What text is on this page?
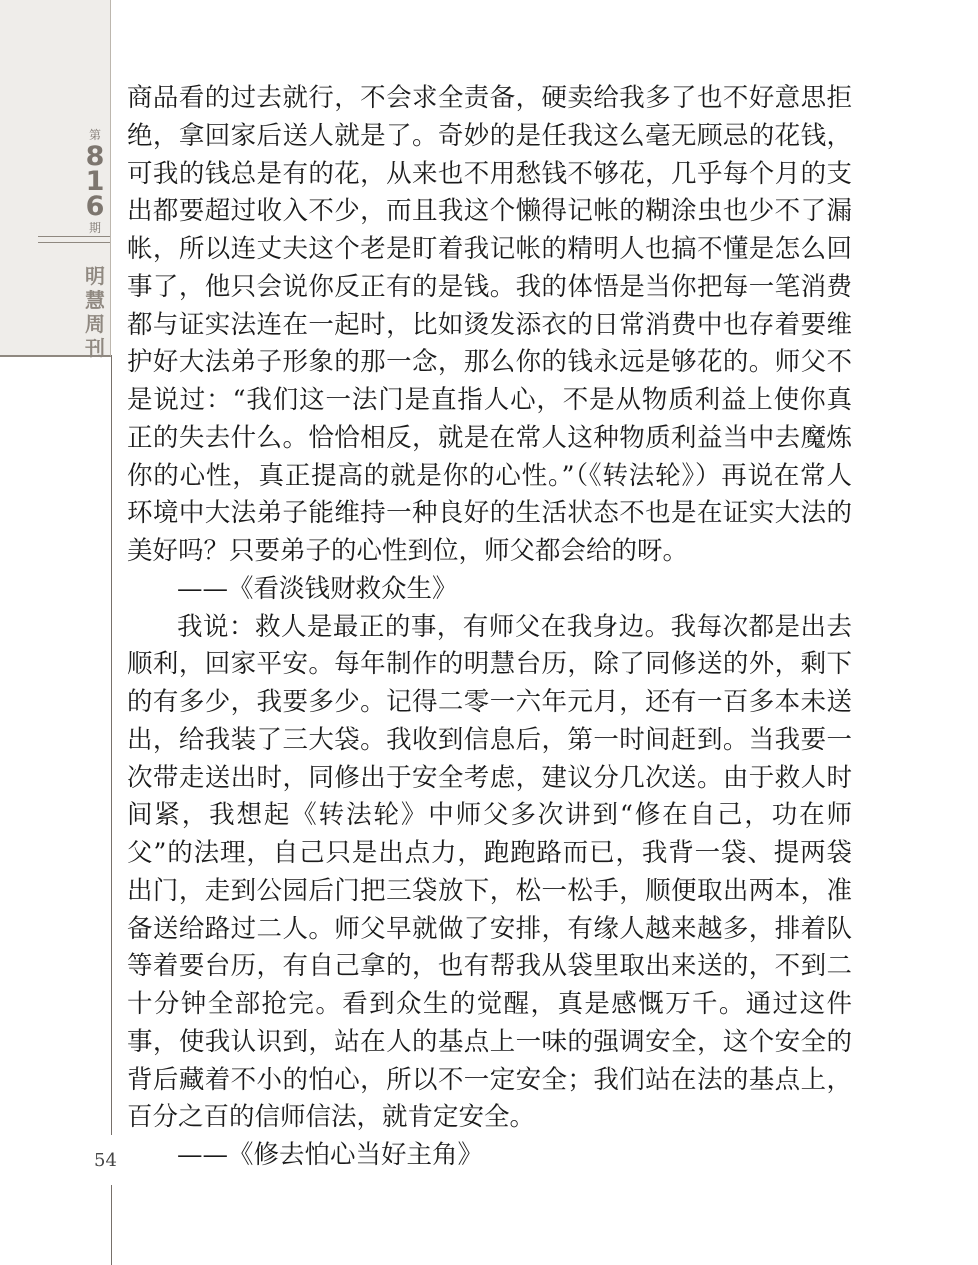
第
8
1
6
期
明
慧
周
刊

商品看的过去就行，不会求全责备，硬卖给我多了也不好意思拒绝，拿回家后送人就是了。奇妙的是任我这么毫无顾忌的花钱，可我的钱总是有的花，从来也不用愁钱不够花，几乎每个月的支出都要超过收入不少，而且我这个懒得记帐的糊涂虫也少不了漏帐，所以连丈夫这个老是盯着我记帐的精明人也搞不懂是怎么回事了，他只会说你反正有的是钱。我的体悟是当你把每一笔消费都与证实法连在一起时，比如烫发添衣的日常消费中也存着要维护好大法弟子形象的那一念，那么你的钱永远是够花的。师父不是说过：“我们这一法门是直指人心，不是从物质利益上使你真正的失去什么。恰恰相反，就是在常人这种物质利益当中去魔炼你的心性，真正提高的就是你的心性。”（《转法轮》）再说在常人环境中大法弟子能维持一种良好的生活状态不也是在证实大法的美好吗？只要弟子的心性到位，师父都会给的呀。

——《看淡钱财救众生》

我说：救人是最正的事，有师父在我身边。我每次都是出去顺利，回家平安。每年制作的明慧台历，除了同修送的外，剩下的有多少，我要多少。记得二零一六年元月，还有一百多本未送出，给我装了三大袋。我收到信息后，第一时间赶到。当我要一次带走送出时，同修出于安全考虑，建议分几次送。由于救人时间紧，我想起《转法轮》中师父多次讲到“修在自己，功在师父”的法理，自己只是出点力，跑跑路而已，我背一袋、提两袋出门，走到公园后门把三袋放下，松一松手，顺便取出两本，准备送给路过二人。师父早就做了安排，有缘人越来越多，排着队等着要台历，有自己拿的，也有帮我从袋里取出来送的，不到二十分钟全部抢完。看到众生的觉醒，真是感慨万千。通过这件事，使我认识到，站在人的基点上一味的强调安全，这个安全的背后藏着不小的怕心，所以不一定安全；我们站在法的基点上，百分之百的信师信法，就肯定安全。

——《修去怕心当好主角》

54
